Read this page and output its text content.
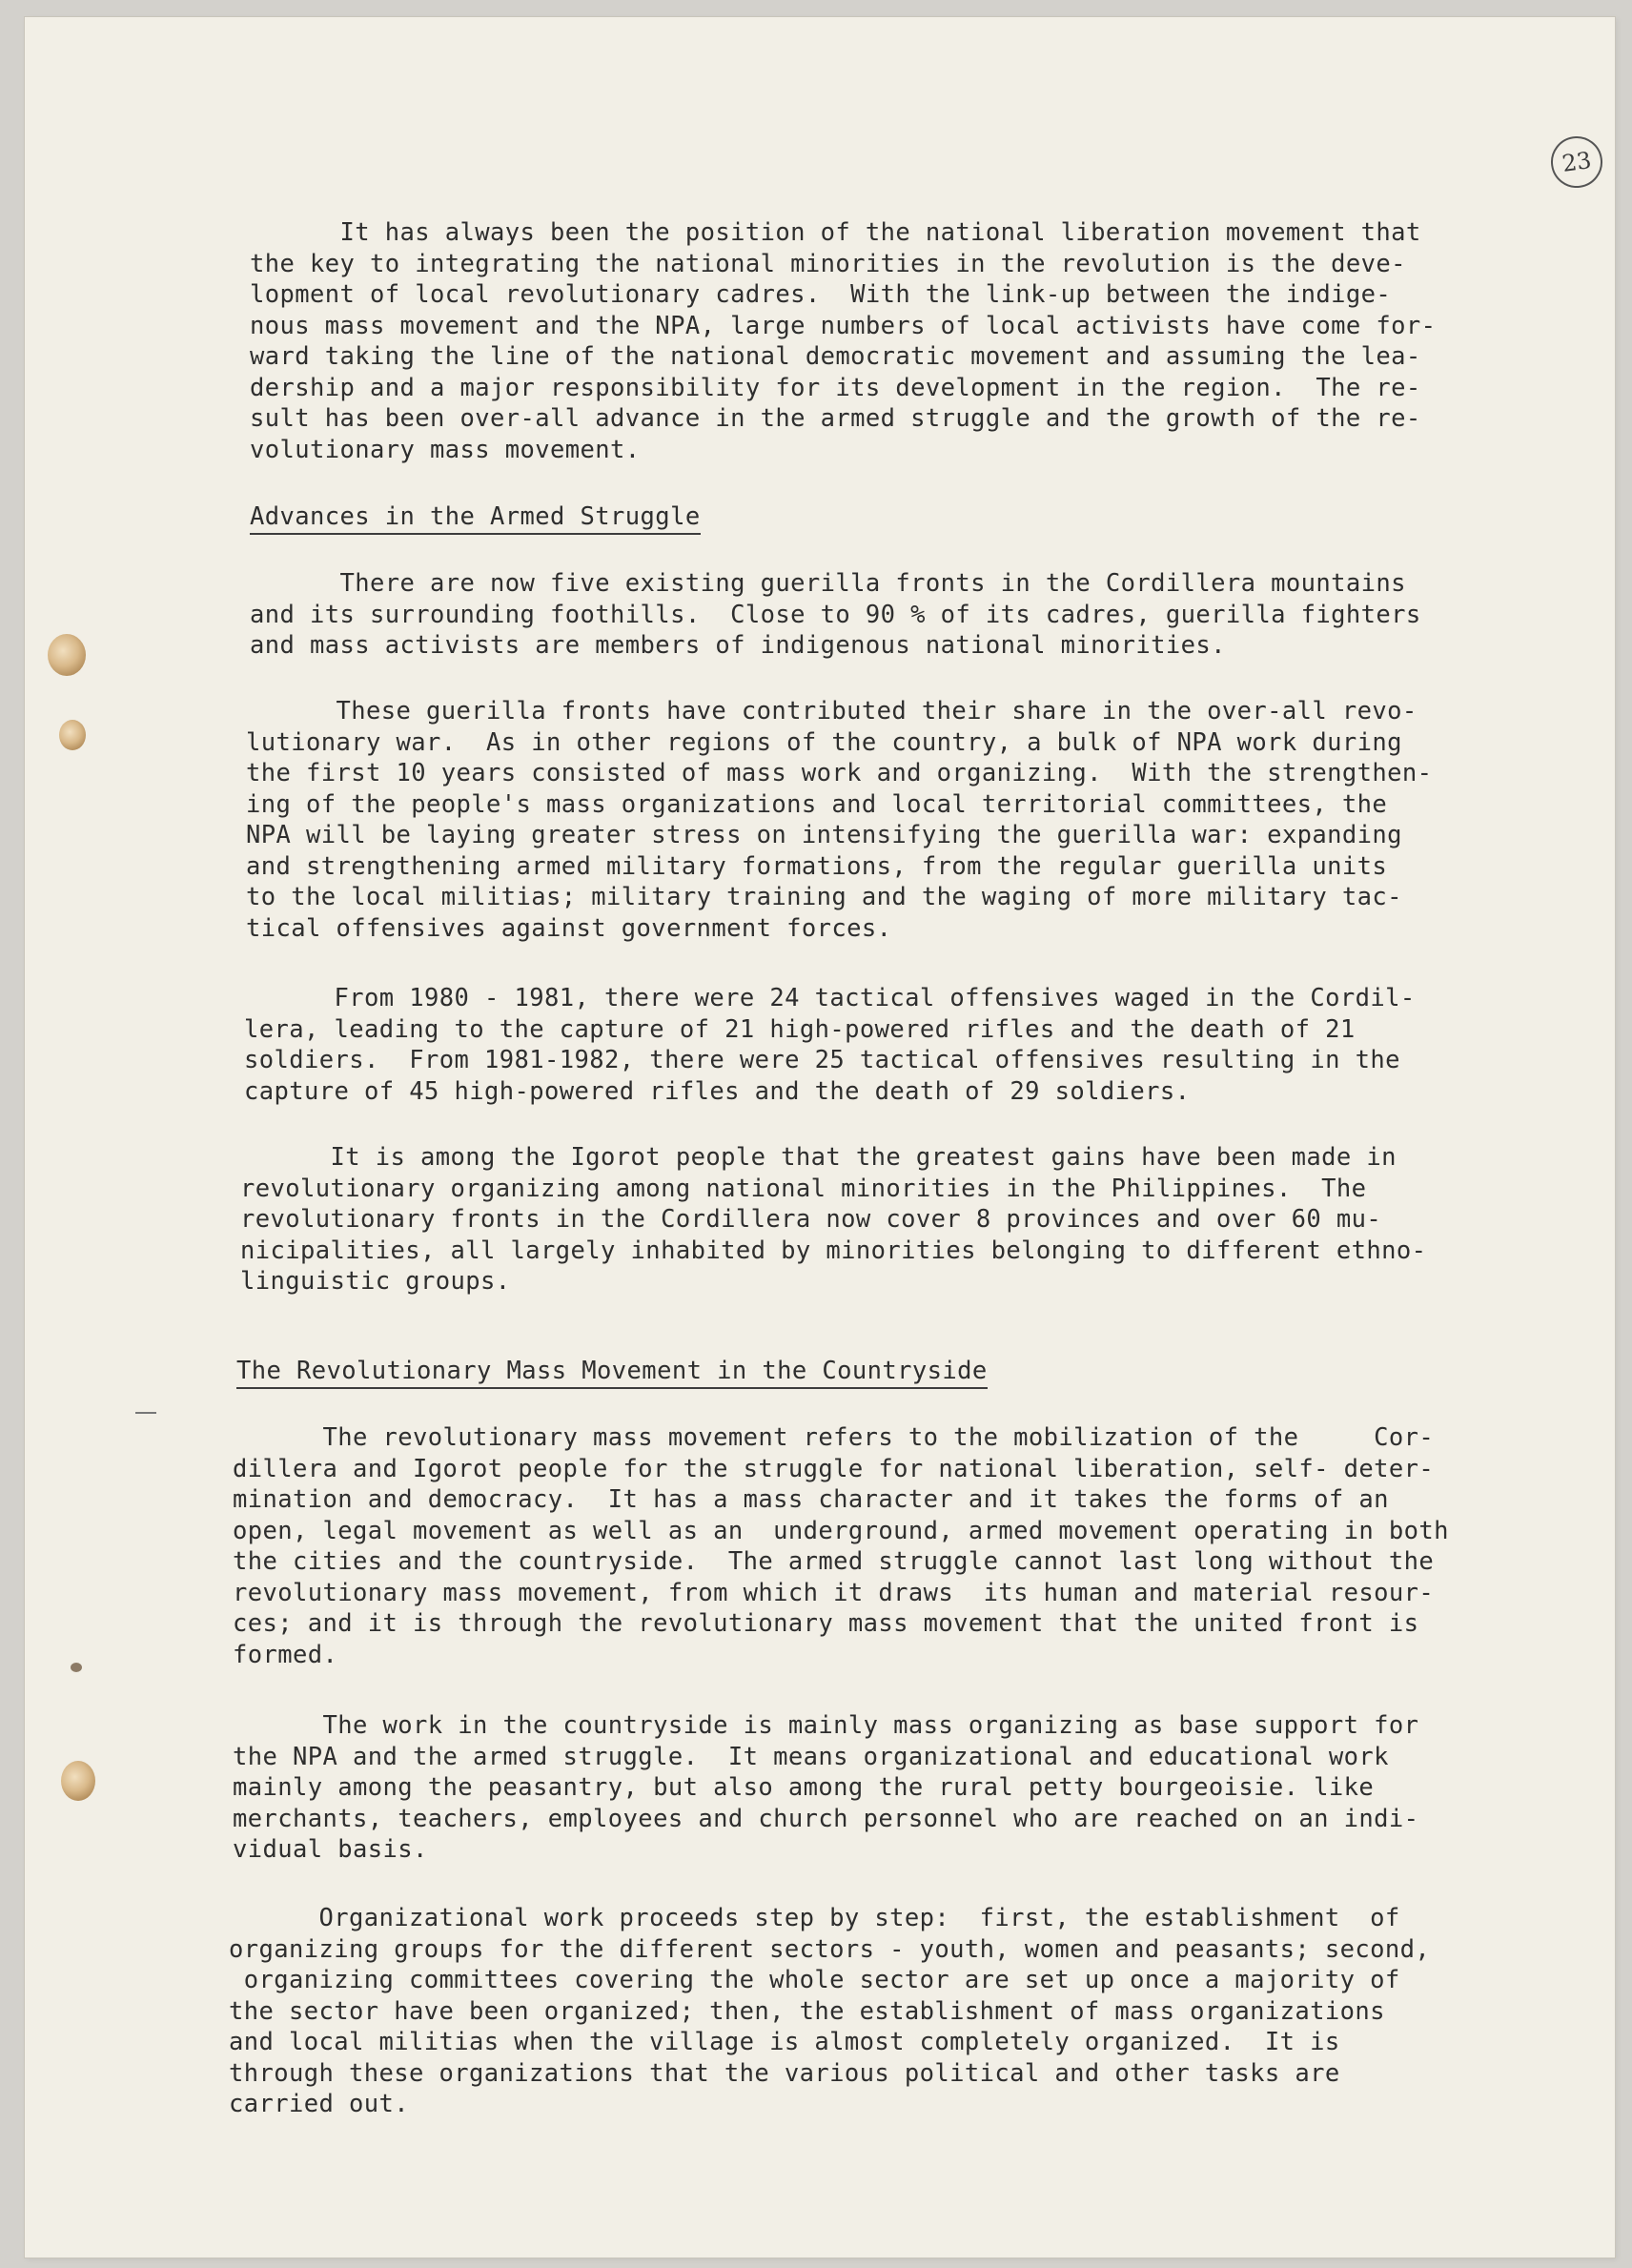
23

It has always been the position of the national liberation movement that
the key to integrating the national minorities in the revolution is the deve-
lopment of local revolutionary cadres.  With the link-up between the indige-
nous mass movement and the NPA, large numbers of local activists have come for-
ward taking the line of the national democratic movement and assuming the lea-
dership and a major responsibility for its development in the region.  The re-
sult has been over-all advance in the armed struggle and the growth of the re-
volutionary mass movement.

Advances in the Armed Struggle

There are now five existing guerilla fronts in the Cordillera mountains
and its surrounding foothills.  Close to 90 % of its cadres, guerilla fighters
and mass activists are members of indigenous national minorities.

These guerilla fronts have contributed their share in the over-all revo-
lutionary war.  As in other regions of the country, a bulk of NPA work during
the first 10 years consisted of mass work and organizing.  With the strengthen-
ing of the people's mass organizations and local territorial committees, the
NPA will be laying greater stress on intensifying the guerilla war: expanding
and strengthening armed military formations, from the regular guerilla units
to the local militias; military training and the waging of more military tac-
tical offensives against government forces.

From 1980 - 1981, there were 24 tactical offensives waged in the Cordil-
lera, leading to the capture of 21 high-powered rifles and the death of 21
soldiers.  From 1981-1982, there were 25 tactical offensives resulting in the
capture of 45 high-powered rifles and the death of 29 soldiers.

It is among the Igorot people that the greatest gains have been made in
revolutionary organizing among national minorities in the Philippines.  The
revolutionary fronts in the Cordillera now cover 8 provinces and over 60 mu-
nicipalities, all largely inhabited by minorities belonging to different ethno-
linguistic groups.

The Revolutionary Mass Movement in the Countryside

The revolutionary mass movement refers to the mobilization of the     Cor-
dillera and Igorot people for the struggle for national liberation, self- deter-
mination and democracy.  It has a mass character and it takes the forms of an
open, legal movement as well as an  underground, armed movement operating in both
the cities and the countryside.  The armed struggle cannot last long without the
revolutionary mass movement, from which it draws  its human and material resour-
ces; and it is through the revolutionary mass movement that the united front is
formed.

The work in the countryside is mainly mass organizing as base support for
the NPA and the armed struggle.  It means organizational and educational work
mainly among the peasantry, but also among the rural petty bourgeoisie. like
merchants, teachers, employees and church personnel who are reached on an indi-
vidual basis.

Organizational work proceeds step by step:  first, the establishment  of
organizing groups for the different sectors - youth, women and peasants; second,
organizing committees covering the whole sector are set up once a majority of
the sector have been organized; then, the establishment of mass organizations
and local militias when the village is almost completely organized.  It is
through these organizations that the various political and other tasks are
carried out.
